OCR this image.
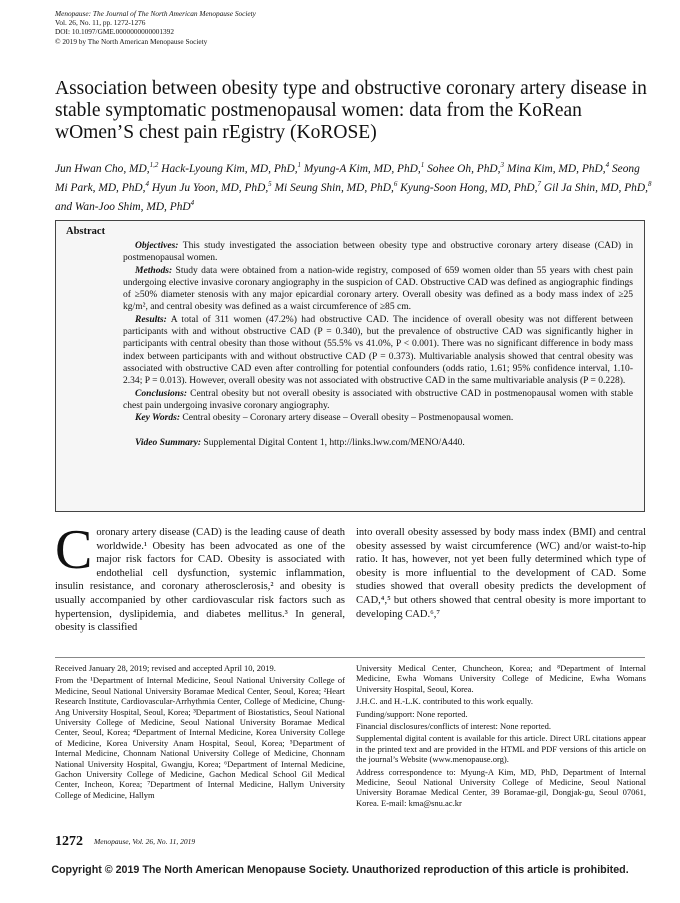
Menopause: The Journal of The North American Menopause Society
Vol. 26, No. 11, pp. 1272-1276
DOI: 10.1097/GME.0000000000001392
© 2019 by The North American Menopause Society
Association between obesity type and obstructive coronary artery disease in stable symptomatic postmenopausal women: data from the KoRean wOmen’S chest pain rEgistry (KoROSE)
Jun Hwan Cho, MD,$^{1,2}$ Hack-Lyoung Kim, MD, PhD,$^1$ Myung-A Kim, MD, PhD,$^1$ Sohee Oh, PhD,$^3$ Mina Kim, MD, PhD,$^4$ Seong Mi Park, MD, PhD,$^4$ Hyun Ju Yoon, MD, PhD,$^5$ Mi Seung Shin, MD, PhD,$^6$ Kyung-Soon Hong, MD, PhD,$^7$ Gil Ja Shin, MD, PhD,$^8$ and Wan-Joo Shim, MD, PhD$^4$
Abstract

Objectives: This study investigated the association between obesity type and obstructive coronary artery disease (CAD) in postmenopausal women.

Methods: Study data were obtained from a nation-wide registry, composed of 659 women older than 55 years with chest pain undergoing elective invasive coronary angiography in the suspicion of CAD. Obstructive CAD was defined as angiographic findings of ≥50% diameter stenosis with any major epicardial coronary artery. Overall obesity was defined as a body mass index of ≥25 kg/m², and central obesity was defined as a waist circumference of ≥85 cm.

Results: A total of 311 women (47.2%) had obstructive CAD. The incidence of overall obesity was not different between participants with and without obstructive CAD (P = 0.340), but the prevalence of obstructive CAD was significantly higher in participants with central obesity than those without (55.5% vs 41.0%, P < 0.001). There was no significant difference in body mass index between participants with and without obstructive CAD (P = 0.373). Multivariable analysis showed that central obesity was associated with obstructive CAD even after controlling for potential confounders (odds ratio, 1.61; 95% confidence interval, 1.10-2.34; P = 0.013). However, overall obesity was not associated with obstructive CAD in the same multivariable analysis (P = 0.228).

Conclusions: Central obesity but not overall obesity is associated with obstructive CAD in postmenopausal women with stable chest pain undergoing invasive coronary angiography.

Key Words: Central obesity – Coronary artery disease – Overall obesity – Postmenopausal women.

Video Summary: Supplemental Digital Content 1, http://links.lww.com/MENO/A440.

Coronary artery disease (CAD) is the leading cause of death worldwide.¹ Obesity has been advocated as one of the major risk factors for CAD. Obesity is associated with endothelial cell dysfunction, systemic inflammation, insulin resistance, and coronary atherosclerosis,² and obesity is usually accompanied by other cardiovascular risk factors such as hypertension, dyslipidemia, and diabetes mellitus.³ In general, obesity is classified
into overall obesity assessed by body mass index (BMI) and central obesity assessed by waist circumference (WC) and/or waist-to-hip ratio. It has, however, not yet been fully determined which type of obesity is more influential to the development of CAD. Some studies showed that overall obesity predicts the development of CAD,⁴,⁵ but others showed that central obesity is more important to developing CAD.⁶,⁷

Received January 28, 2019; revised and accepted April 10, 2019.

From the ¹Department of Internal Medicine, Seoul National University College of Medicine, Seoul National University Boramae Medical Center, Seoul, Korea; ²Heart Research Institute, Cardiovascular-Arrhythmia Center, College of Medicine, Chung-Ang University Hospital, Seoul, Korea; ³Department of Biostatistics, Seoul National University College of Medicine, Seoul National University Boramae Medical Center, Seoul, Korea; ⁴Department of Internal Medicine, Korea University College of Medicine, Korea University Anam Hospital, Seoul, Korea; ⁵Department of Internal Medicine, Chonnam National University College of Medicine, Chonnam National University Hospital, Gwangju, Korea; ⁶Department of Internal Medicine, Gachon University College of Medicine, Gachon Medical School Gil Medical Center, Incheon, Korea; ⁷Department of Internal Medicine, Hallym University College of Medicine, Hallym

University Medical Center, Chuncheon, Korea; and ⁸Department of Internal Medicine, Ewha Womans University College of Medicine, Ewha Womans University Hospital, Seoul, Korea.

J.H.C. and H.-L.K. contributed to this work equally.

Funding/support: None reported.

Financial disclosures/conflicts of interest: None reported.

Supplemental digital content is available for this article. Direct URL citations appear in the printed text and are provided in the HTML and PDF versions of this article on the journal’s Website (www.menopause.org).

Address correspondence to: Myung-A Kim, MD, PhD, Department of Internal Medicine, Seoul National University College of Medicine, Seoul National University Boramae Medical Center, 39 Boramae-gil, Dongjak-gu, Seoul 07061, Korea. E-mail: kma@snu.ac.kr

1272 Menopause, Vol. 26, No. 11, 2019
Copyright © 2019 The North American Menopause Society. Unauthorized reproduction of this article is prohibited.
